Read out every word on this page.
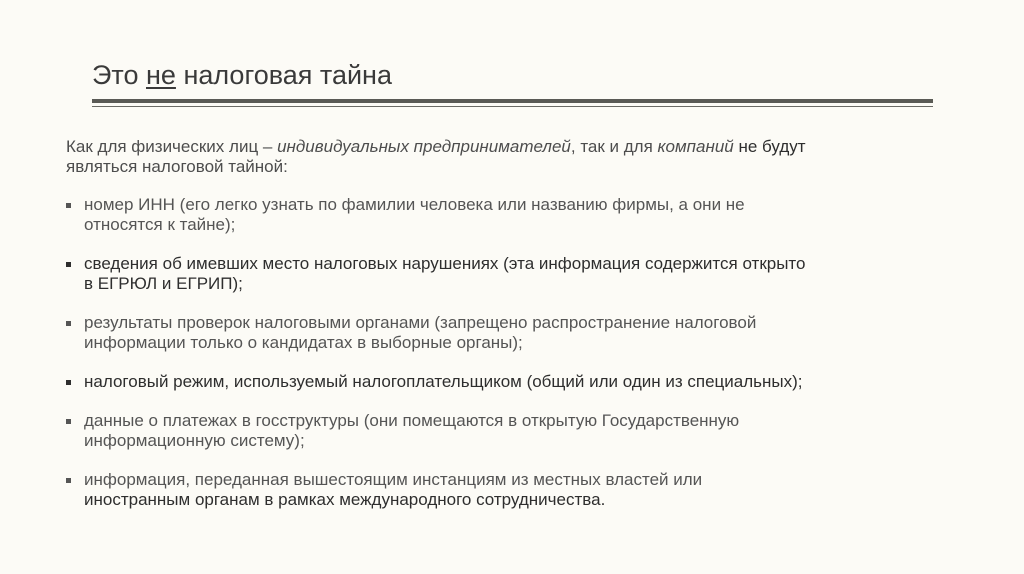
Это не налоговая тайна

Как для физических лиц – индивидуальных предпринимателей, так и для компаний не будут
являться налоговой тайной:

номер ИНН (его легко узнать по фамилии человека или названию фирмы, а они не
относятся к тайне);
сведения об имевших место налоговых нарушениях (эта информация содержится открыто
в ЕГРЮЛ и ЕГРИП);
результаты проверок налоговыми органами (запрещено распространение налоговой
информации только о кандидатах в выборные органы);
налоговый режим, используемый налогоплательщиком (общий или один из специальных);
данные о платежах в госструктуры (они помещаются в открытую Государственную
информационную систему);
информация, переданная вышестоящим инстанциям из местных властей или
иностранным органам в рамках международного сотрудничества.
